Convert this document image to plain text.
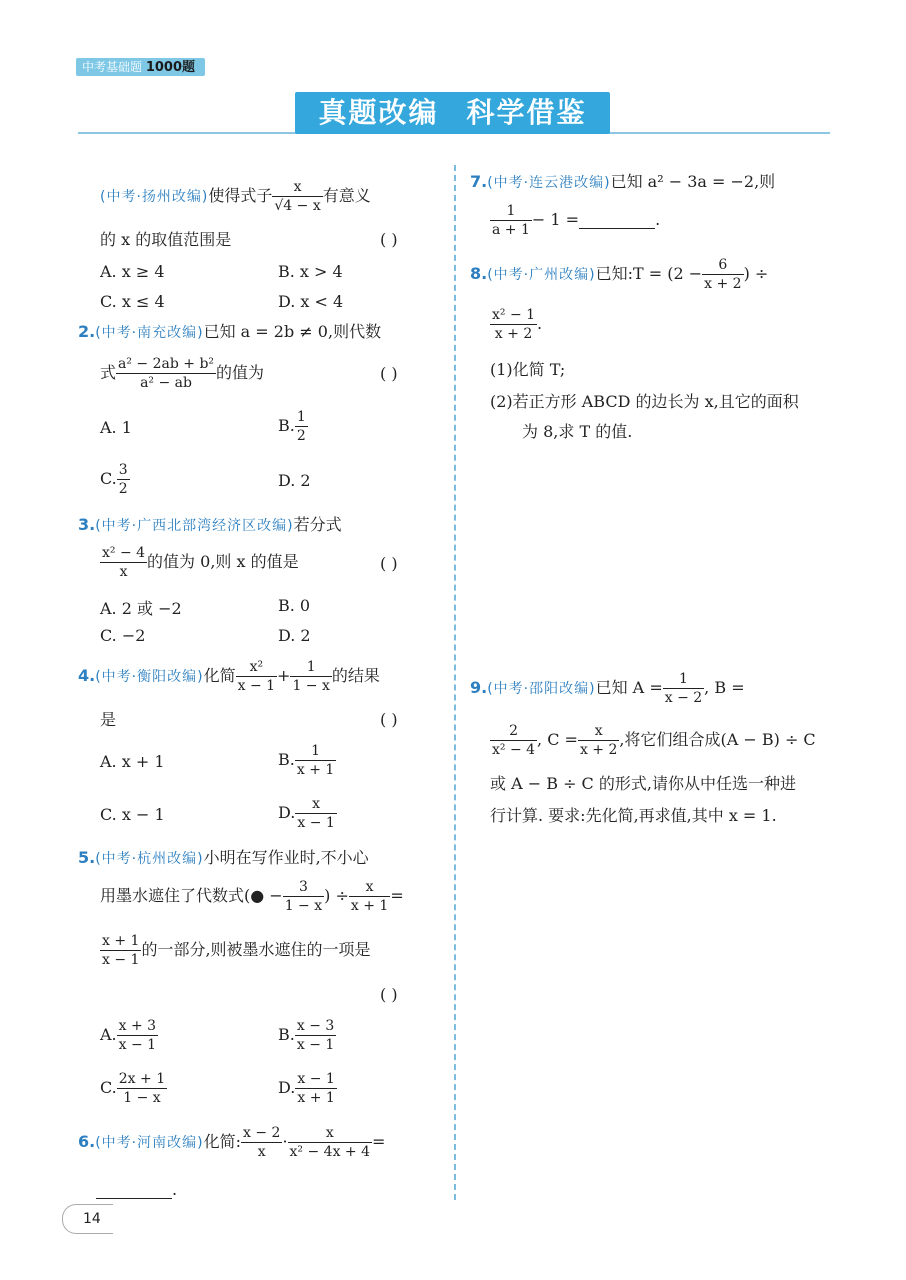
中考基础题 1000题
真题改编 科学借鉴
(中考·扬州改编)使得式子 $\frac{x}{√4 - x}$ 有意义
的 x 的取值范围是	( )
A. x ≥ 4	B. x > 4
C. x ≤ 4	D. x < 4
2.(中考·南充改编)已知 a = 2b ≠ 0,则代数
式 $\frac{\text{a² − 2ab + b²}}{\text{a² − ab}}$ 的值为	( )
A. 1	B. $\frac{1}{2}$
C. $\frac{3}{2}$	D. 2
3.(中考·广西北部湾经济区改编)若分式
$\frac{\text{x² − 4}}{x}$ 的值为 0,则 x 的值是	( )
A. 2 或 −2	B. 0
C. −2	D. 2
4.(中考·衡阳改编)化简 $\frac{\text{x²}}{x - 1} + \frac{1}{1 - x}$ 的结果
是	( )
A. x + 1	B. $\frac{1}{x + 1}$
C. x − 1	D. $\frac{x}{x - 1}$
5.(中考·杭州改编)小明在写作业时,不小心
用墨水遮住了代数式(● − $\frac{3}{1 - x}$ ) ÷ $\frac{x}{x + 1}$ =
$\frac{x + 1}{x - 1}$ 的一部分,则被墨水遮住的一项是
( )
A. $\frac{x + 3}{x - 1}$	B. $\frac{x - 3}{x - 1}$
C. $\frac{2x + 1}{1 - x}$	D. $\frac{x - 1}{x + 1}$
6.(中考·河南改编)化简: $\frac{x - 2}{x} \cdot \frac{x}{\text{x² − 4x + 4}}$ =
.
7.(中考·连云港改编)已知 a² − 3a = −2,则
$\frac{1}{a + 1} - 1$ =	.
8.(中考·广州改编)已知:T = ($2 - \frac{6}{x + 2}$ ) ÷
$\frac{\text{x² − 1}}{x + 2}$ .
(1)化简 T;
(2)若正方形 ABCD 的边长为 x,且它的面积
为 8,求 T 的值.
9.(中考·邵阳改编)已知 $A = \frac{1}{x - 2}$ , B =
$\frac{2}{\text{x² − 4}}$ , $C = \frac{x}{x + 2}$ ,将它们组合成(A − B) ÷ C
或 A − B ÷ C 的形式,请你从中任选一种进
行计算. 要求:先化简,再求值,其中 x = 1.
14
